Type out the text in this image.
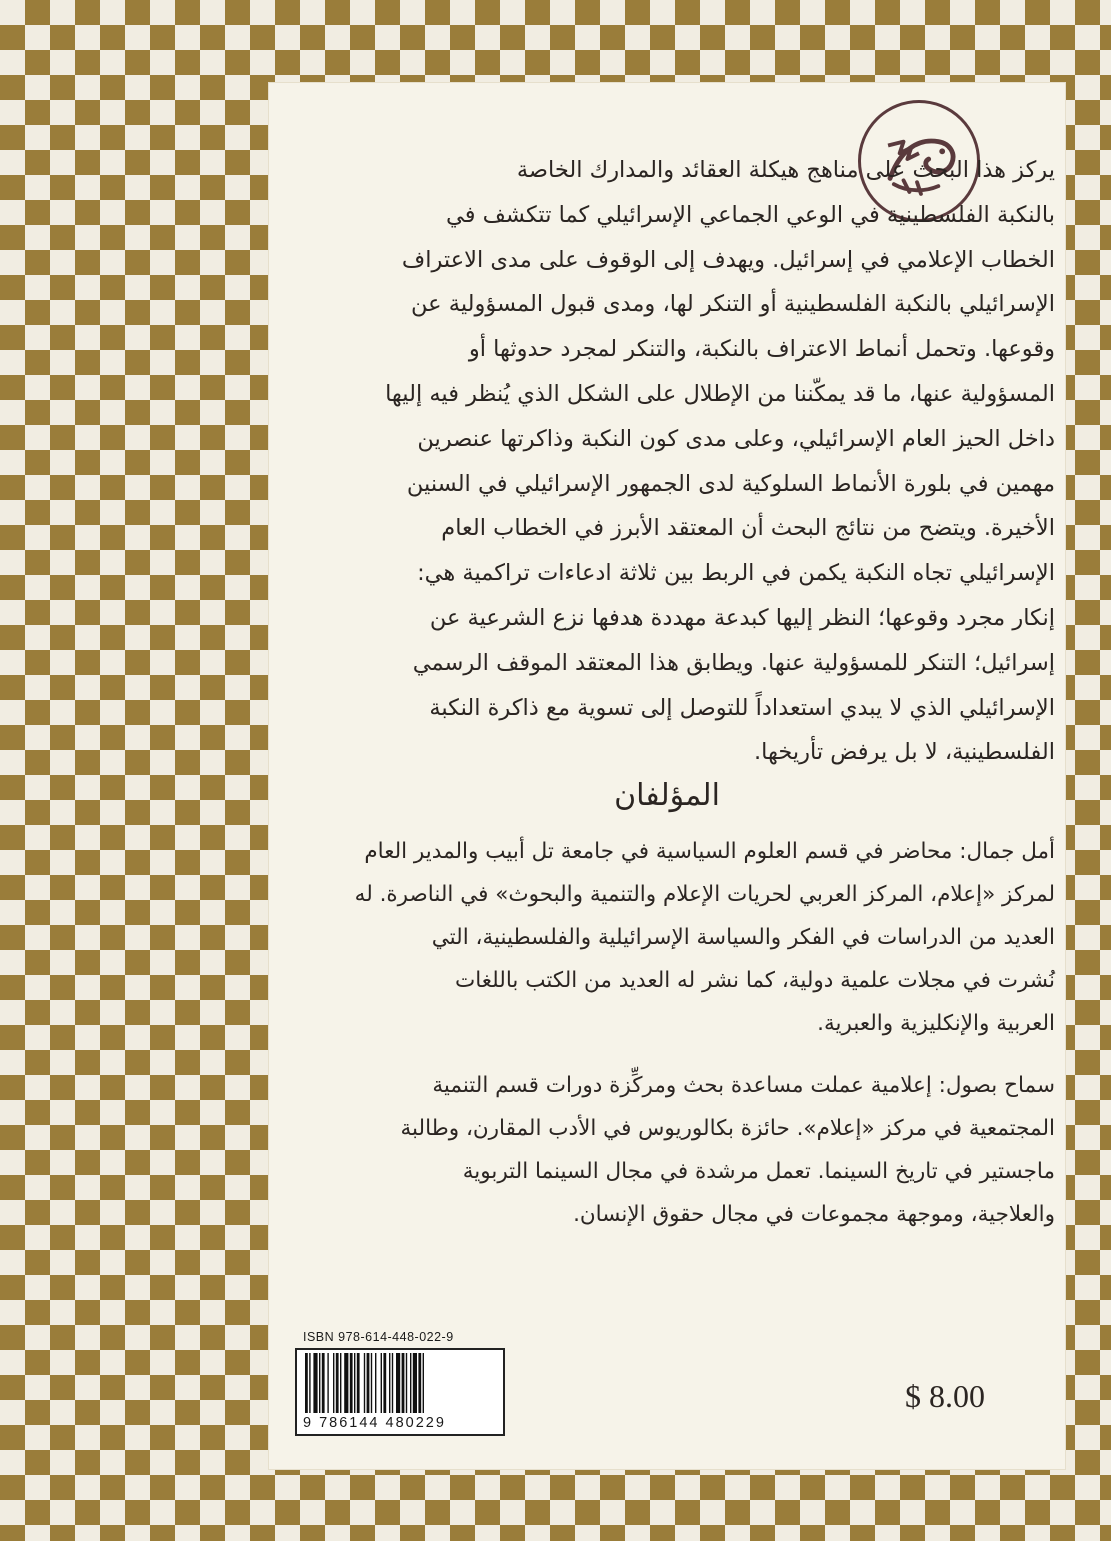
يركز هذا البحث على مناهج هيكلة العقائد والمدارك الخاصة
بالنكبة الفلسطينية في الوعي الجماعي الإسرائيلي كما تتكشف في
الخطاب الإعلامي في إسرائيل. ويهدف إلى الوقوف على مدى الاعتراف
الإسرائيلي بالنكبة الفلسطينية أو التنكر لها، ومدى قبول المسؤولية عن
وقوعها. وتحمل أنماط الاعتراف بالنكبة، والتنكر لمجرد حدوثها أو
المسؤولية عنها، ما قد يمكّننا من الإطلال على الشكل الذي يُنظر فيه إليها
داخل الحيز العام الإسرائيلي، وعلى مدى كون النكبة وذاكرتها عنصرين
مهمين في بلورة الأنماط السلوكية لدى الجمهور الإسرائيلي في السنين
الأخيرة. ويتضح من نتائج البحث أن المعتقد الأبرز في الخطاب العام
الإسرائيلي تجاه النكبة يكمن في الربط بين ثلاثة ادعاءات تراكمية هي:
إنكار مجرد وقوعها؛ النظر إليها كبدعة مهددة هدفها نزع الشرعية عن
إسرائيل؛ التنكر للمسؤولية عنها. ويطابق هذا المعتقد الموقف الرسمي
الإسرائيلي الذي لا يبدي استعداداً للتوصل إلى تسوية مع ذاكرة النكبة
الفلسطينية، لا بل يرفض تأريخها.
المؤلفان
أمل جمال: محاضر في قسم العلوم السياسية في جامعة تل أبيب والمدير العام
لمركز «إعلام، المركز العربي لحريات الإعلام والتنمية والبحوث» في الناصرة. له
العديد من الدراسات في الفكر والسياسة الإسرائيلية والفلسطينية، التي
نُشرت في مجلات علمية دولية، كما نشر له العديد من الكتب باللغات
العربية والإنكليزية والعبرية.
سماح بصول: إعلامية عملت مساعدة بحث ومركِّزة دورات قسم التنمية
المجتمعية في مركز «إعلام». حائزة بكالوريوس في الأدب المقارن، وطالبة
ماجستير في تاريخ السينما. تعمل مرشدة في مجال السينما التربوية
والعلاجية، وموجهة مجموعات في مجال حقوق الإنسان.
ISBN 978-614-448-022-9
9 786144 480229
$ 8.00
